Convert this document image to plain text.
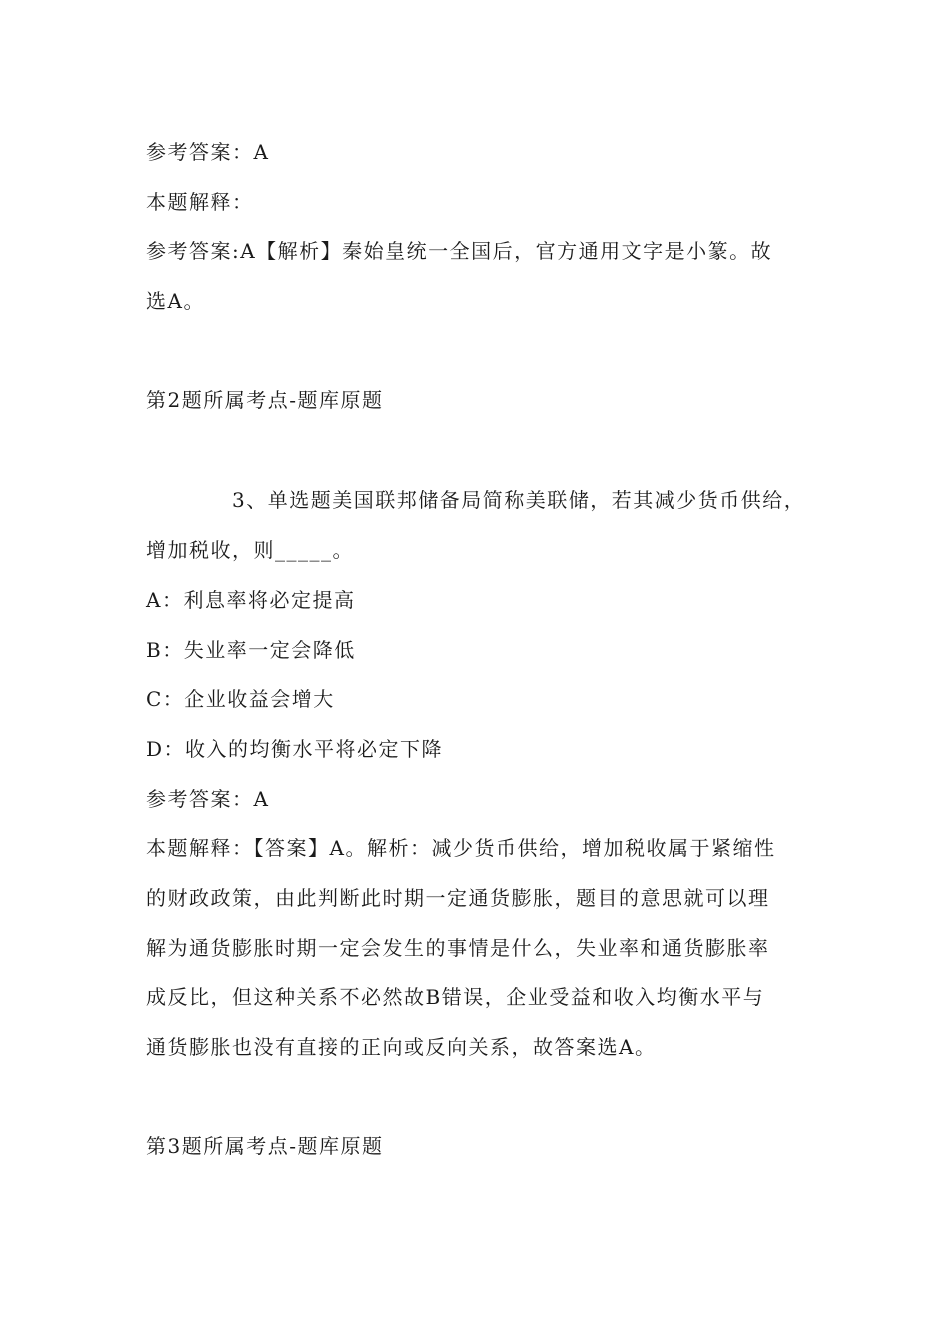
参考答案：A
本题解释：
参考答案:A【解析】秦始皇统一全国后，官方通用文字是小篆。故
选A。
第2题所属考点-题库原题
3、单选题美国联邦储备局简称美联储，若其减少货币供给，
增加税收，则_____。
A：利息率将必定提高
B：失业率一定会降低
C：企业收益会增大
D：收入的均衡水平将必定下降
参考答案：A
本题解释：【答案】A。解析：减少货币供给，增加税收属于紧缩性
的财政政策，由此判断此时期一定通货膨胀，题目的意思就可以理
解为通货膨胀时期一定会发生的事情是什么，失业率和通货膨胀率
成反比，但这种关系不必然故B错误，企业受益和收入均衡水平与
通货膨胀也没有直接的正向或反向关系，故答案选A。
第3题所属考点-题库原题
